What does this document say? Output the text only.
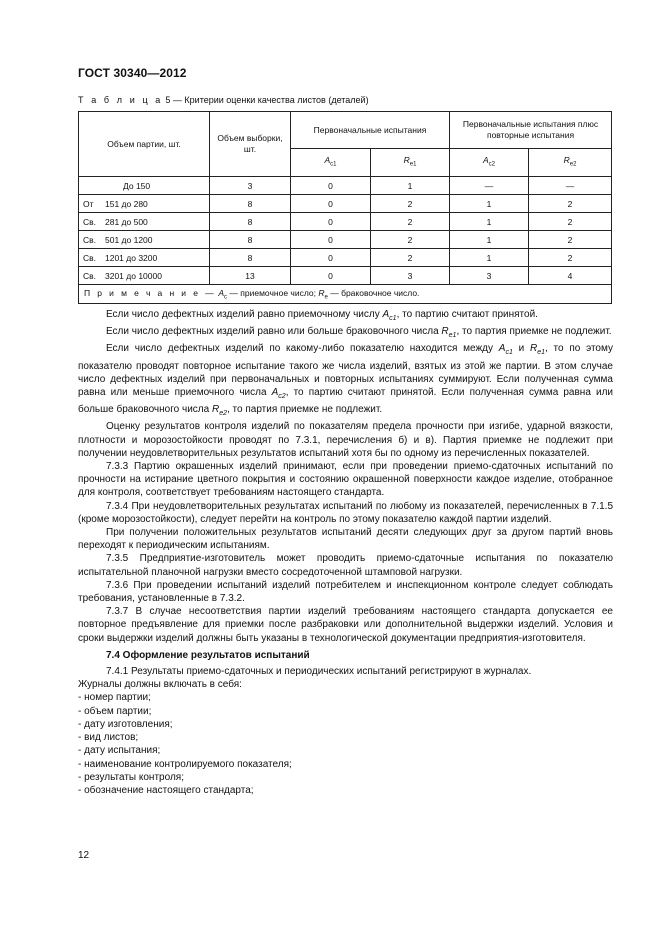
ГОСТ 30340—2012
Т а б л и ц а 5 — Критерии оценки качества листов (деталей)
Объем партии, шт.	Объем выборки, шт.	Первоначальные испытания		Первоначальные испытания плюс повторные испытания	
		$A_{c1}$	$R_{e1}$	$A_{c2}$	$R_{e2}$
До 150	3	0	1	—	—
От 151 до 280	8	0	2	1	2
Св. 281 до 500	8	0	2	1	2
Св. 501 до 1200	8	0	2	1	2
Св. 1201 до 3200	8	0	2	1	2
Св. 3201 до 10000	13	0	3	3	4
П р и м е ч а н и е — $A_c$ — приемочное число; $R_e$ — браковочное число.					

Если число дефектных изделий равно приемочному числу $A_{c1}$, то партию считают принятой.

Если число дефектных изделий равно или больше браковочного числа $R_{e1}$, то партия приемке не подлежит.

Если число дефектных изделий по какому-либо показателю находится между $A_{c1}$ и $R_{e1}$, то по этому показателю проводят повторное испытание такого же числа изделий, взятых из этой же партии. В этом случае число дефектных изделий при первоначальных и повторных испытаниях суммируют. Если полученная сумма равна или меньше приемочного числа $A_{c2}$, то партию считают принятой. Если полученная сумма равна или больше браковочного числа $R_{e2}$, то партия приемке не подлежит.

Оценку результатов контроля изделий по показателям предела прочности при изгибе, ударной вязкости, плотности и морозостойкости проводят по 7.3.1, перечисления б) и в). Партия приемке не подлежит при получении неудовлетворительных результатов испытаний хотя бы по одному из перечисленных показателей.

7.3.3 Партию окрашенных изделий принимают, если при проведении приемо-сдаточных испытаний по прочности на истирание цветного покрытия и состоянию окрашенной поверхности каждое изделие, отобранное для контроля, соответствует требованиям настоящего стандарта.

7.3.4 При неудовлетворительных результатах испытаний по любому из показателей, перечисленных в 7.1.5 (кроме морозостойкости), следует перейти на контроль по этому показателю каждой партии изделий.

При получении положительных результатов испытаний десяти следующих друг за другом партий вновь переходят к периодическим испытаниям.

7.3.5 Предприятие-изготовитель может проводить приемо-сдаточные испытания по показателю испытательной планочной нагрузки вместо сосредоточенной штамповой нагрузки.

7.3.6 При проведении испытаний изделий потребителем и инспекционном контроле следует соблюдать требования, установленные в 7.3.2.

7.3.7 В случае несоответствия партии изделий требованиям настоящего стандарта допускается ее повторное предъявление для приемки после разбраковки или дополнительной выдержки изделий. Условия и сроки выдержки изделий должны быть указаны в технологической документации предприятия-изготовителя.

7.4 Оформление результатов испытаний

7.4.1 Результаты приемо-сдаточных и периодических испытаний регистрируют в журналах.

Журналы должны включать в себя:

- номер партии;

- объем партии;

- дату изготовления;

- вид листов;

- дату испытания;

- наименование контролируемого показателя;

- результаты контроля;

- обозначение настоящего стандарта;

12
